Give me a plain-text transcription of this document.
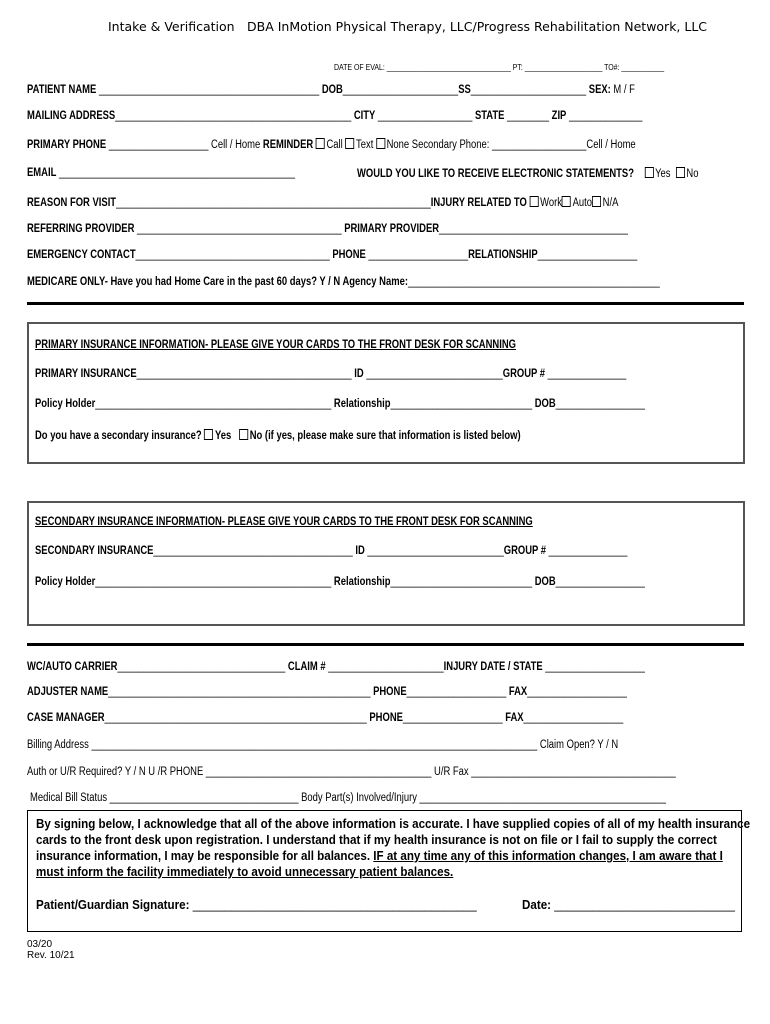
Intake & Verification DBA InMotion Physical Therapy, LLC/Progress Rehabilitation Network, LLC
DATE OF EVAL: ________________________________ PT: ____________________ TO#: ___________
PATIENT NAME __________________________________________ DOB______________________SS______________________ SEX: M / F
MAILING ADDRESS_____________________________________________ CITY __________________ STATE ________ ZIP ______________
PRIMARY PHONE ___________________ Cell / Home REMINDER Call Text None Secondary Phone: __________________Cell / Home
EMAIL _____________________________________________	WOULD YOU LIKE TO RECEIVE ELECTRONIC STATEMENTS? Yes No
REASON FOR VISIT____________________________________________________________INJURY RELATED TO Work Auto N/A
REFERRING PROVIDER _______________________________________ PRIMARY PROVIDER____________________________________
EMERGENCY CONTACT_____________________________________ PHONE ___________________RELATIONSHIP___________________
MEDICARE ONLY- Have you had Home Care in the past 60 days? Y / N Agency Name:________________________________________________
PRIMARY INSURANCE INFORMATION- PLEASE GIVE YOUR CARDS TO THE FRONT DESK FOR SCANNING
PRIMARY INSURANCE_________________________________________ ID __________________________GROUP # _______________
Policy Holder_____________________________________________ Relationship___________________________ DOB_________________
Do you have a secondary insurance? Yes No (if yes, please make sure that information is listed below)
SECONDARY INSURANCE INFORMATION- PLEASE GIVE YOUR CARDS TO THE FRONT DESK FOR SCANNING
SECONDARY INSURANCE______________________________________ ID __________________________GROUP # _______________
Policy Holder_____________________________________________ Relationship___________________________ DOB_________________
WC/AUTO CARRIER________________________________ CLAIM # ______________________INJURY DATE / STATE ___________________
ADJUSTER NAME__________________________________________________ PHONE___________________ FAX___________________
CASE MANAGER__________________________________________________ PHONE___________________ FAX___________________
Billing Address _____________________________________________________________________________________ Claim Open? Y / N
Auth or U/R Required? Y / N U /R PHONE ___________________________________________ U/R Fax _______________________________________
Medical Bill Status ____________________________________ Body Part(s) Involved/Injury _______________________________________________

By signing below, I acknowledge that all of the above information is accurate. I have supplied copies of all of my health insurance

cards to the front desk upon registration. I understand that if my health insurance is not on file or I fail to supply the correct

insurance information, I may be responsible for all balances. IF at any time any of this information changes, I am aware that I

must inform the facility immediately to avoid unnecessary patient balances.

Patient/Guardian Signature: ____________________________________________	Date: ____________________________

03/20
Rev. 10/21
